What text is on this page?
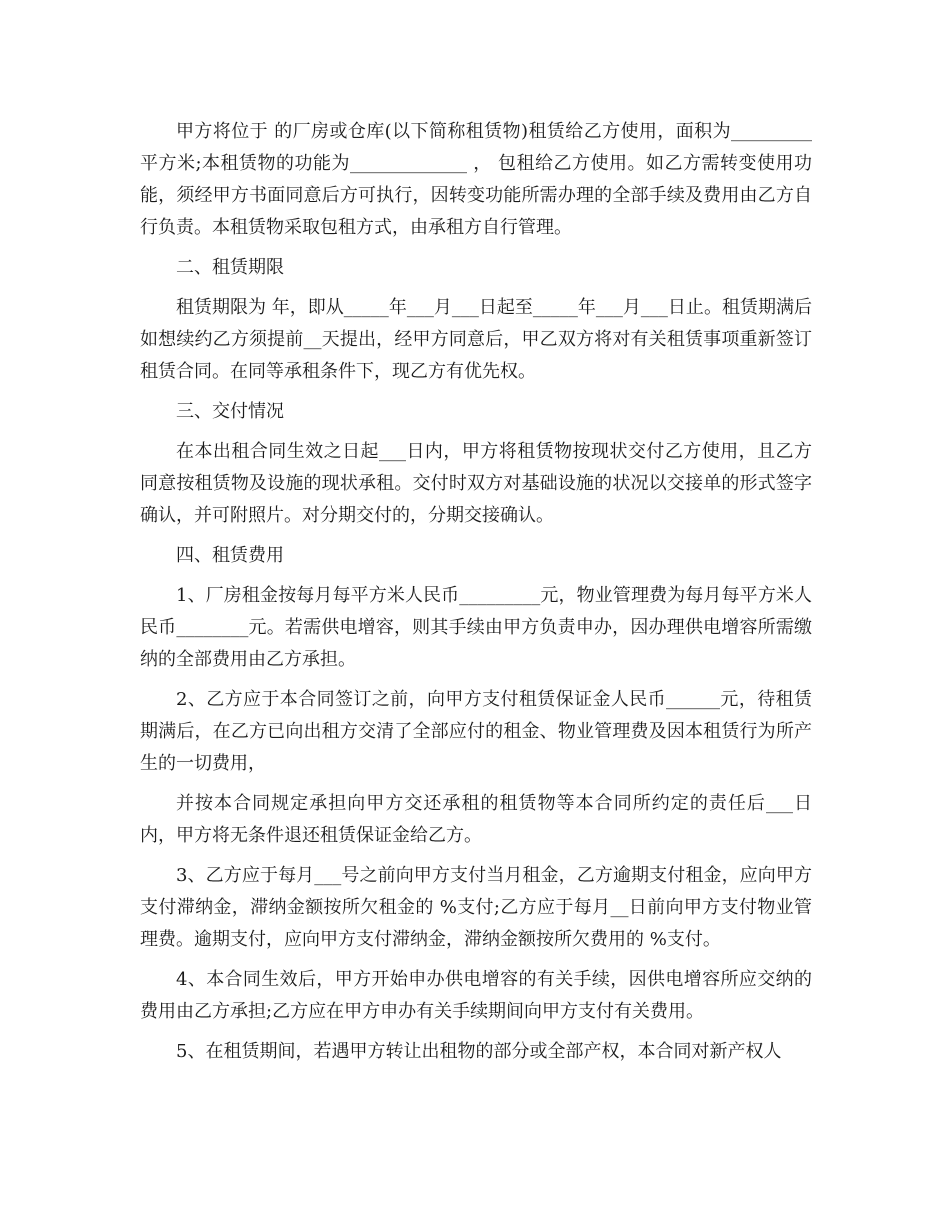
甲方将位于 的厂房或仓库(以下简称租赁物)租赁给乙方使用，面积为_________平方米;本租赁物的功能为_____________ ， 包租给乙方使用。如乙方需转变使用功能，须经甲方书面同意后方可执行，因转变功能所需办理的全部手续及费用由乙方自行负责。本租赁物采取包租方式，由承租方自行管理。

二、租赁期限

租赁期限为 年，即从_____年___月___日起至_____年___月___日止。租赁期满后如想续约乙方须提前__天提出，经甲方同意后，甲乙双方将对有关租赁事项重新签订租赁合同。在同等承租条件下，现乙方有优先权。

三、交付情况

在本出租合同生效之日起___日内，甲方将租赁物按现状交付乙方使用，且乙方同意按租赁物及设施的现状承租。交付时双方对基础设施的状况以交接单的形式签字确认，并可附照片。对分期交付的，分期交接确认。

四、租赁费用

1、厂房租金按每月每平方米人民币_________元，物业管理费为每月每平方米人民币________元。若需供电增容，则其手续由甲方负责申办，因办理供电增容所需缴纳的全部费用由乙方承担。

2、乙方应于本合同签订之前，向甲方支付租赁保证金人民币______元，待租赁期满后，在乙方已向出租方交清了全部应付的租金、物业管理费及因本租赁行为所产生的一切费用，

并按本合同规定承担向甲方交还承租的租赁物等本合同所约定的责任后___日内，甲方将无条件退还租赁保证金给乙方。

3、乙方应于每月___号之前向甲方支付当月租金，乙方逾期支付租金，应向甲方支付滞纳金，滞纳金额按所欠租金的 %支付;乙方应于每月__日前向甲方支付物业管理费。逾期支付，应向甲方支付滞纳金，滞纳金额按所欠费用的 %支付。

4、本合同生效后，甲方开始申办供电增容的有关手续，因供电增容所应交纳的费用由乙方承担;乙方应在甲方申办有关手续期间向甲方支付有关费用。

5、在租赁期间，若遇甲方转让出租物的部分或全部产权，本合同对新产权人
